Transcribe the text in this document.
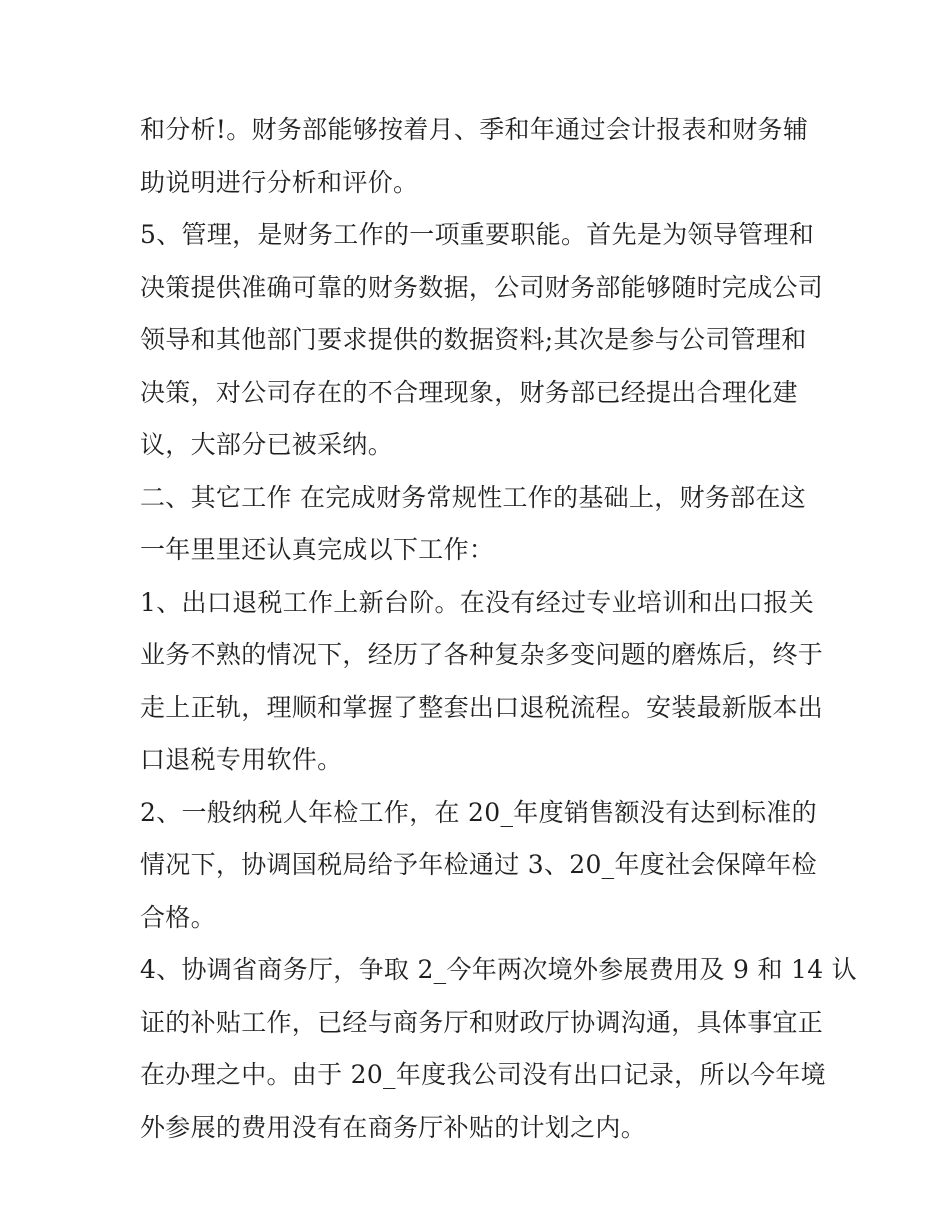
和分析!。财务部能够按着月、季和年通过会计报表和财务辅
助说明进行分析和评价。
5、管理，是财务工作的一项重要职能。首先是为领导管理和
决策提供准确可靠的财务数据，公司财务部能够随时完成公司
领导和其他部门要求提供的数据资料;其次是参与公司管理和
决策，对公司存在的不合理现象，财务部已经提出合理化建
议，大部分已被采纳。
二、其它工作 在完成财务常规性工作的基础上，财务部在这
一年里里还认真完成以下工作：
1、出口退税工作上新台阶。在没有经过专业培训和出口报关
业务不熟的情况下，经历了各种复杂多变问题的磨炼后，终于
走上正轨，理顺和掌握了整套出口退税流程。安装最新版本出
口退税专用软件。
2、一般纳税人年检工作，在 20_年度销售额没有达到标准的
情况下，协调国税局给予年检通过 3、20_年度社会保障年检
合格。
4、协调省商务厅，争取 2_今年两次境外参展费用及 9 和 14 认
证的补贴工作，已经与商务厅和财政厅协调沟通，具体事宜正
在办理之中。由于 20_年度我公司没有出口记录，所以今年境
外参展的费用没有在商务厅补贴的计划之内。
